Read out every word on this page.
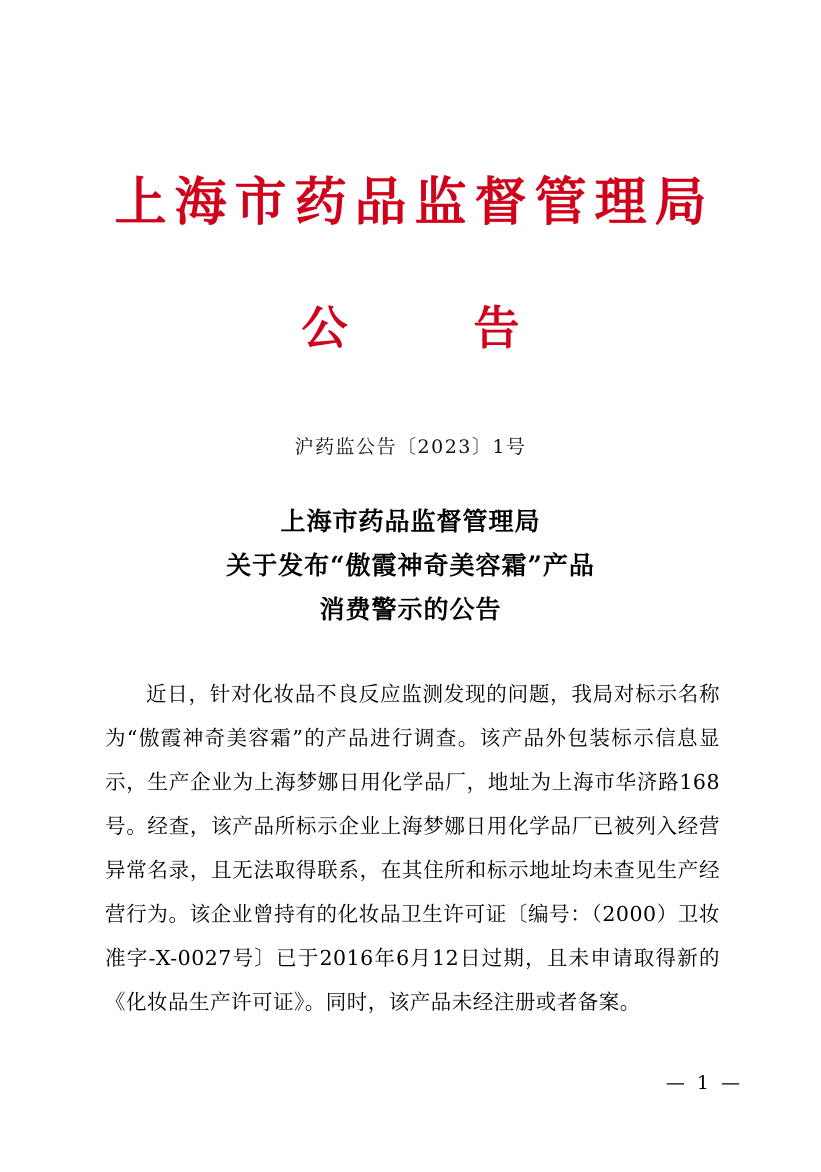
上海市药品监督管理局
公　告
沪药监公告〔2023〕1号
上海市药品监督管理局
关于发布“傲霞神奇美容霜”产品
消费警示的公告

近日，针对化妆品不良反应监测发现的问题，我局对标示名称为“傲霞神奇美容霜”的产品进行调查。该产品外包装标示信息显示，生产企业为上海梦娜日用化学品厂，地址为上海市华济路168号。经查，该产品所标示企业上海梦娜日用化学品厂已被列入经营异常名录，且无法取得联系，在其住所和标示地址均未查见生产经营行为。该企业曾持有的化妆品卫生许可证〔编号：（2000）卫妆准字-X-0027号〕已于2016年6月12日过期，且未申请取得新的《化妆品生产许可证》。同时，该产品未经注册或者备案。

— 1 —
